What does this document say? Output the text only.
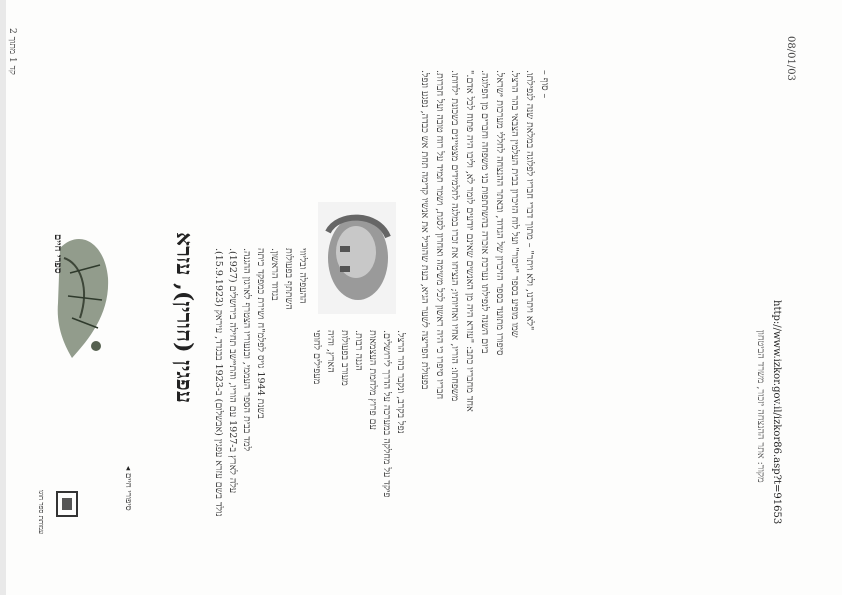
קד 1 מתוך 2	08/01/03
ספרי חיים
עמותת ספר חוגו
◂ סיפורי חיים
עפגין (חורין), עזרא נולד בשם עזרא עפגין (אבשלום) ב-1923 בבגדד, עיראק (15.9.1923).
עלה לארץ ב-1927 עם הוריו, והתיישב תחילה בירושלים (1927).
למד בבית הספר העממי, ובנעוריו הצטרף לארגון ההגנה. בשנת 1944 גויס לפלמ"ח ושירת כמפקד כיתה
בגדוד הראשון. השתתף בפעולות ההעפלה ובליווי
מעפילים לחופי הארץ, והיה מעורב בפעולות הגנה רבות. עם פרוץ מלחמת העצמאות פיקד על מחלקה במערכה על הדרך לירושלים. נפל בקרב, ונקבר בהר הרצל. בפעולת הפריצה לשער הגיא, בעת שהוביל את אנשיו קדימה תחת אש כבדה, נפגע ונפל. חבריו סיפרו כי היה ראשון לכל משימה ואחרון לסגת, ושמר תמיד על רוח טובה ועל חברות. משפחתו: הוריו, אחיו ואחיותיו; הנציחו את זכרו במלגה לתלמידים מצטיינים בשכונת ילדותו. אחד מחבריו כתב: "עזרא היה מן האנשים שאינם יודעים לומר לא, וליבו היה פתוח לכל אדם." ביום השנה לנפילתו נערכת אזכרה בהשתתפות בני משפחה וחברים מן הפלוגה. סיפורו מתועד בספר הזיכרון של הגדוד, ובאתר ההנצחה לחללי מערכות ישראל. שמו מופיע בספר "יזכור" ועל לוח הזיכרון בבית העלמין הצבאי בהר הרצל. "לא ויתרנו, ולא ויתר" – מתוך דברי חבריו לפלוגה במלאת שנה לנפילתו. – סוף –
מקור: אתר ההנצחה יזכור, משרד הביטחון http://www.izkor.gov.il/izkor86.asp?t=91653
